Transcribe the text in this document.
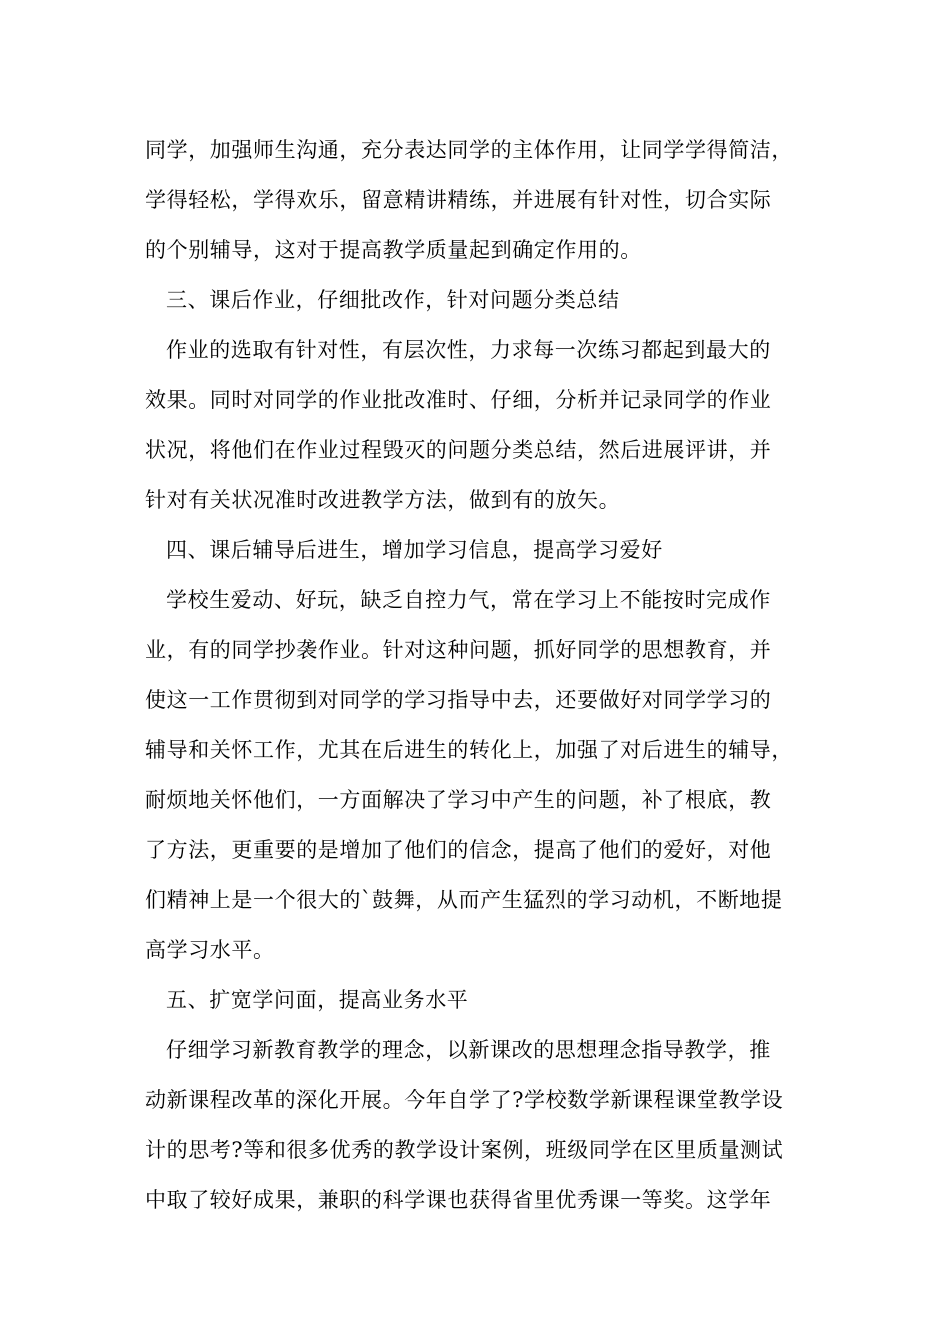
同学，加强师生沟通，充分表达同学的主体作用，让同学学得简洁，
学得轻松，学得欢乐，留意精讲精练，并进展有针对性，切合实际
的个别辅导，这对于提高教学质量起到确定作用的。
三、课后作业，仔细批改作，针对问题分类总结
作业的选取有针对性，有层次性，力求每一次练习都起到最大的
效果。同时对同学的作业批改准时、仔细，分析并记录同学的作业
状况，将他们在作业过程毁灭的问题分类总结，然后进展评讲，并
针对有关状况准时改进教学方法，做到有的放矢。
四、课后辅导后进生，增加学习信息，提高学习爱好
学校生爱动、好玩，缺乏自控力气，常在学习上不能按时完成作
业，有的同学抄袭作业。针对这种问题，抓好同学的思想教育，并
使这一工作贯彻到对同学的学习指导中去，还要做好对同学学习的
辅导和关怀工作，尤其在后进生的转化上，加强了对后进生的辅导，
耐烦地关怀他们，一方面解决了学习中产生的问题，补了根底，教
了方法，更重要的是增加了他们的信念，提高了他们的爱好，对他
们精神上是一个很大的`鼓舞，从而产生猛烈的学习动机，不断地提
高学习水平。
五、扩宽学问面，提高业务水平
仔细学习新教育教学的理念，以新课改的思想理念指导教学，推
动新课程改革的深化开展。今年自学了?学校数学新课程课堂教学设
计的思考?等和很多优秀的教学设计案例，班级同学在区里质量测试
中取了较好成果，兼职的科学课也获得省里优秀课一等奖。这学年
